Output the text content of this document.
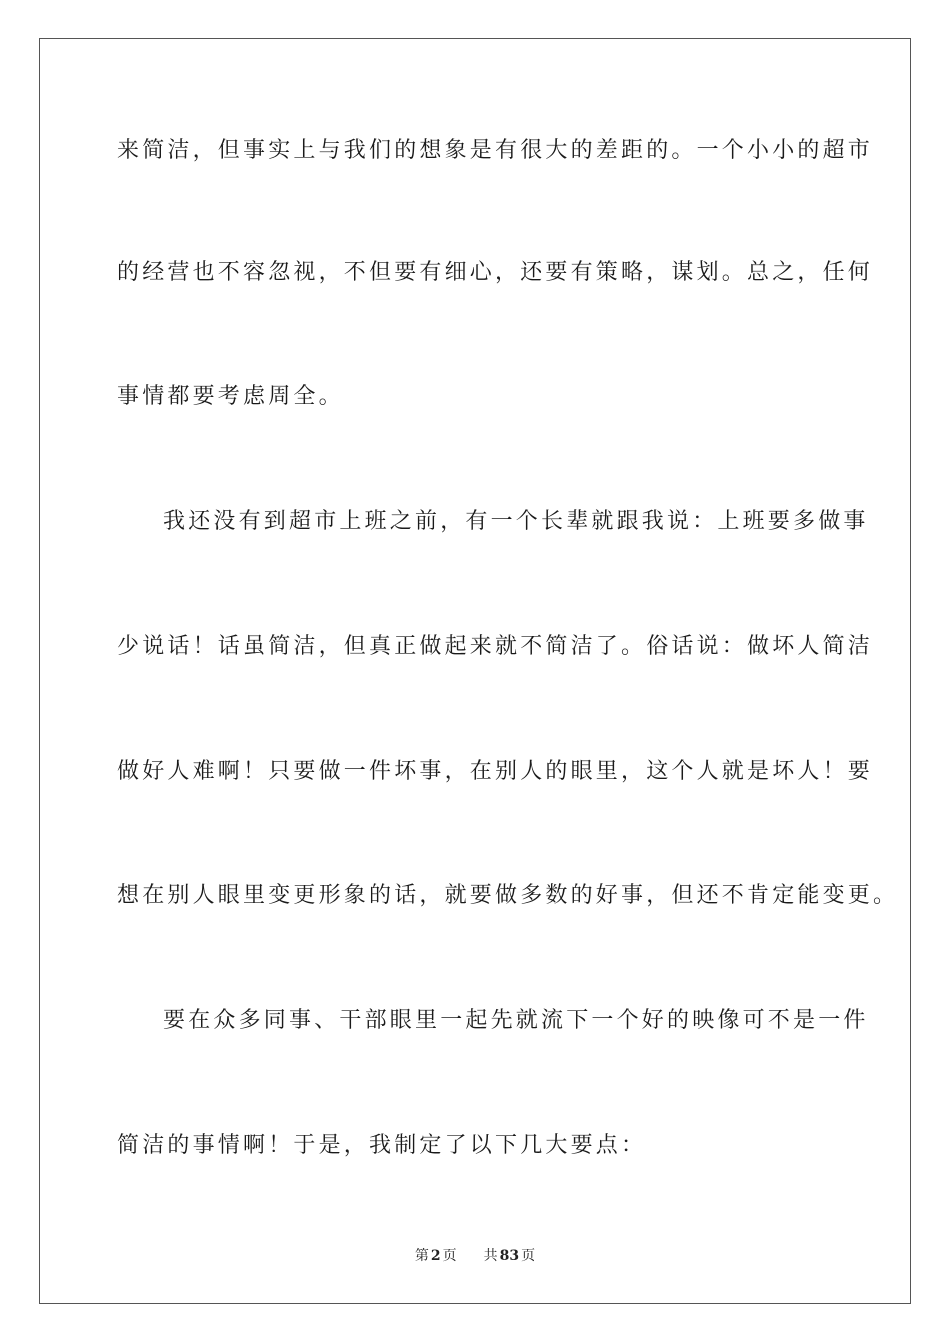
来简洁，但事实上与我们的想象是有很大的差距的。一个小小的超市
的经营也不容忽视，不但要有细心，还要有策略，谋划。总之，任何
事情都要考虑周全。
我还没有到超市上班之前，有一个长辈就跟我说：上班要多做事
少说话！话虽简洁，但真正做起来就不简洁了。俗话说：做坏人简洁
做好人难啊！只要做一件坏事，在别人的眼里，这个人就是坏人！要
想在别人眼里变更形象的话，就要做多数的好事，但还不肯定能变更。
要在众多同事、干部眼里一起先就流下一个好的映像可不是一件
简洁的事情啊！于是，我制定了以下几大要点：
第 2 页 共 83 页
